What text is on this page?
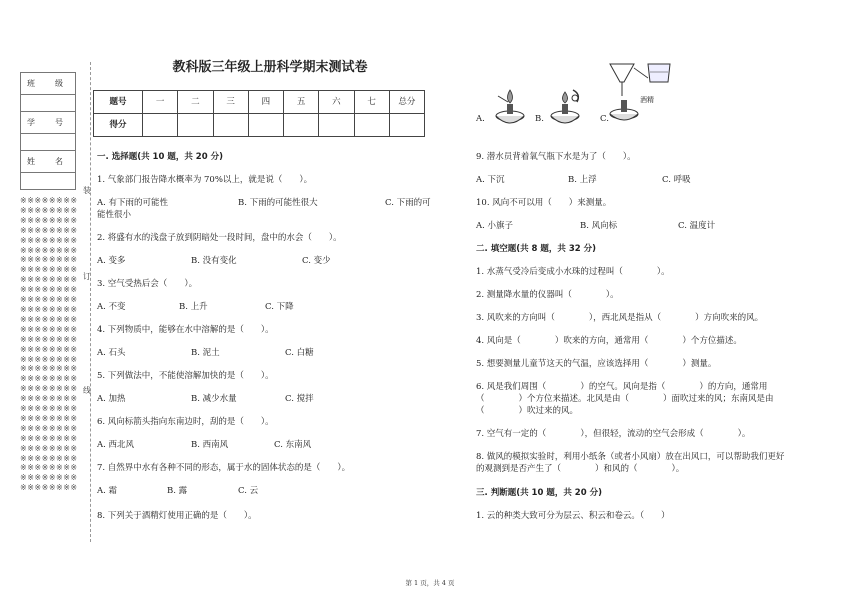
班　级

学　号

姓　名

※※※※※※※※※※※※※※※※※※※※※※※※※※※※※※※※※※※※※※※※※※※※※※※※※※※※※※※※※※※※※※※※※※※※※※※※※※※※※※※※※※※※※※※※※※※※※※※※※※※※※※※※※※※※※※※※※※※※※※※※※※※※※※※※※※※※※※※※※※※※※※※※※※※※※※※※※※※※※※※※※※※※※※※※※※※※※※※※※※※※※※※※※※※※※※※※※※※※※※※※※※※※※※※※※※※※※※※※※※※※※※※※※※※※※※※※※※※※※※※※
装
订
线
教科版三年级上册科学期末测试卷
题号	一	二	三	四	五	六	七	总分
得分								
一. 选择题(共 10 题，共 20 分)
1. 气象部门报告降水概率为 70%以上，就是说（　　）。
A. 有下雨的可能性	B. 下雨的可能性很大	C. 下雨的可
能性很小
2. 将盛有水的浅盘子放到阴暗处一段时间，盘中的水会（　　）。
A. 变多	B. 没有变化	C. 变少
3. 空气受热后会（　　）。
A. 不变	B. 上升	C. 下降
4. 下列物质中，能够在水中溶解的是（　　）。
A. 石头	B. 泥土	C. 白糖
5. 下列做法中，不能使溶解加快的是（　　）。
A. 加热	B. 减少水量	C. 搅拌
6. 风向标箭头指向东南边时，刮的是（　　）。
A. 西北风	B. 西南风	C. 东南风
7. 自然界中水有各种不同的形态，属于水的固体状态的是（　　）。
A. 霜	B. 露	C. 云
8. 下列关于酒精灯使用正确的是（　　）。
酒精
A.	B.	C.
9. 潜水员背着氧气瓶下水是为了（　　）。
A. 下沉	B. 上浮	C. 呼吸
10. 风向不可以用（　　）来测量。
A. 小旗子	B. 风向标	C. 温度计
二. 填空题(共 8 题，共 32 分)
1. 水蒸气受冷后变成小水珠的过程叫（　　　　）。
2. 测量降水量的仪器叫（　　　　）。
3. 风吹来的方向叫（　　　　），西北风是指从（　　　　）方向吹来的风。
4. 风向是（　　　　）吹来的方向，通常用（　　　　）个方位描述。
5. 想要测量儿童节这天的气温，应该选择用（　　　　）测量。
6. 风是我们周围（　　　　）的空气。风向是指（　　　　）的方向，通常用
（　　　　）个方位来描述。北风是由（　　　　）面吹过来的风；东南风是由
（　　　　）吹过来的风。
7. 空气有一定的（　　　　），但很轻，流动的空气会形成（　　　　）。
8. 做风的模拟实验时，利用小纸条（或者小风扇）放在出风口，可以帮助我们更好
的观测到是否产生了（　　　　）和风的（　　　　）。
三. 判断题(共 10 题，共 20 分)
1. 云的种类大致可分为层云、积云和卷云。（　　）
第 1 页，共 4 页
